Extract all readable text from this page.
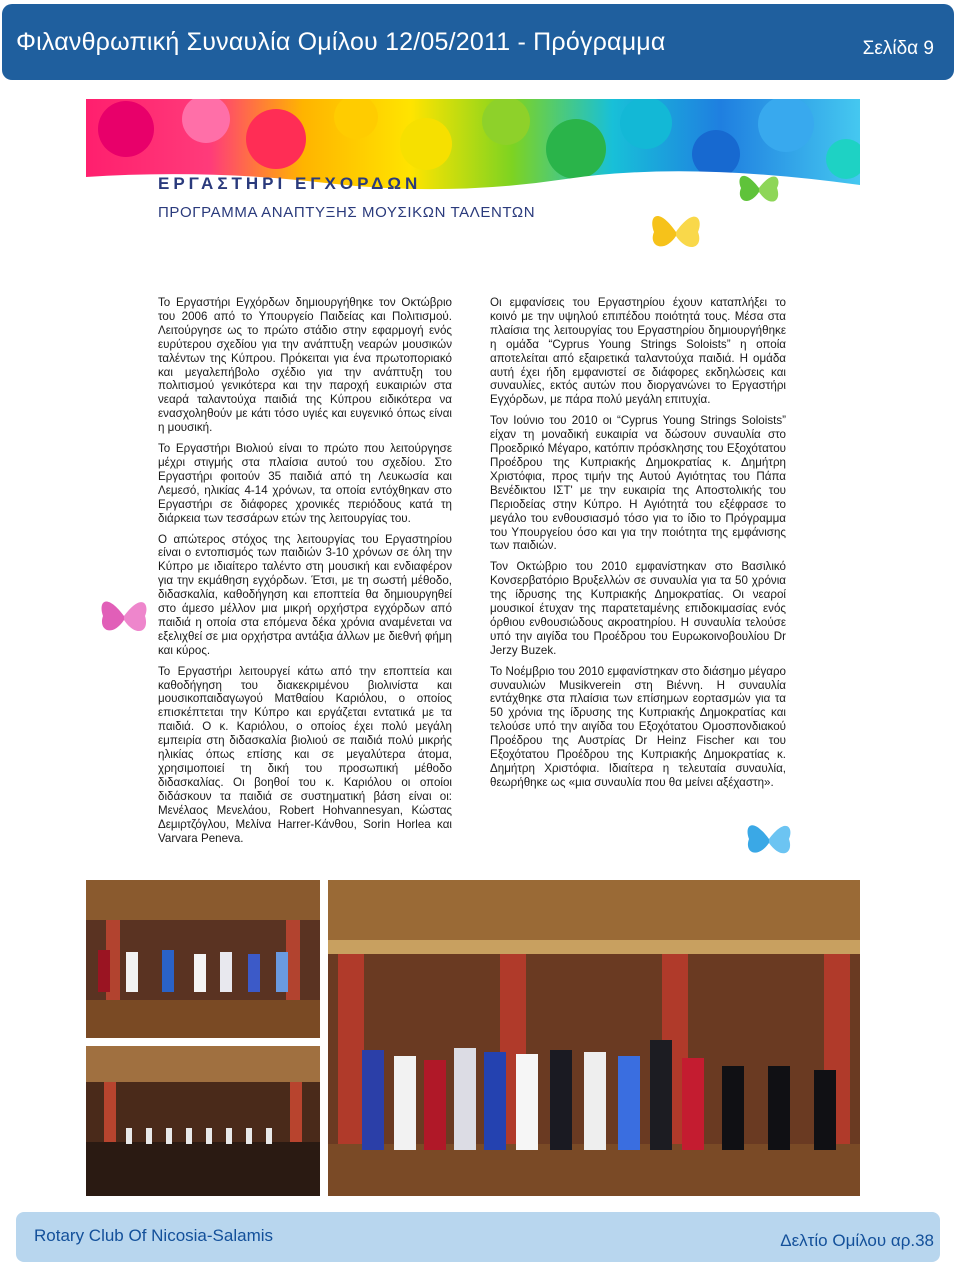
Φιλανθρωπική Συναυλία Ομίλου 12/05/2011 - Πρόγραμμα	Σελίδα 9
ΕΡΓΑΣΤΗΡΙ ΕΓΧΟΡΔΩΝ
ΠΡΟΓΡΑΜΜΑ ΑΝΑΠΤΥΞΗΣ ΜΟΥΣΙΚΩΝ ΤΑΛΕΝΤΩΝ

Το Εργαστήρι Εγχόρδων δημιουργήθηκε τον Οκτώβριο του 2006 από το Υπουργείο Παιδείας και Πολιτισμού. Λειτούργησε ως το πρώτο στάδιο στην εφαρμογή ενός ευρύτερου σχεδίου για την ανάπτυξη νεαρών μουσικών ταλέντων της Κύπρου. Πρόκειται για ένα πρωτοποριακό και μεγαλεπήβολο σχέδιο για την ανάπτυξη του πολιτισμού γενικότερα και την παροχή ευκαιριών στα νεαρά ταλαντούχα παιδιά της Κύπρου ειδικότερα να ενασχοληθούν με κάτι τόσο υγιές και ευγενικό όπως είναι η μουσική.

Το Εργαστήρι Βιολιού είναι το πρώτο που λειτούργησε μέχρι στιγμής στα πλαίσια αυτού του σχεδίου. Στο Εργαστήρι φοιτούν 35 παιδιά από τη Λευκωσία και Λεμεσό, ηλικίας 4-14 χρόνων, τα οποία εντόχθηκαν στο Εργαστήρι σε διάφορες χρονικές περιόδους κατά τη διάρκεια των τεσσάρων ετών της λειτουργίας του.

Ο απώτερος στόχος της λειτουργίας του Εργαστηρίου είναι ο εντοπισμός των παιδιών 3-10 χρόνων σε όλη την Κύπρο με ιδιαίτερο ταλέντο στη μουσική και ενδιαφέρον για την εκμάθηση εγχόρδων. Έτσι, με τη σωστή μέθοδο, διδασκαλία, καθοδήγηση και εποπτεία θα δημιουργηθεί στο άμεσο μέλλον μια μικρή ορχήστρα εγχόρδων από παιδιά η οποία στα επόμενα δέκα χρόνια αναμένεται να εξελιχθεί σε μια ορχήστρα αντάξια άλλων με διεθνή φήμη και κύρος.

Το Εργαστήρι λειτουργεί κάτω από την εποπτεία και καθοδήγηση του διακεκριμένου βιολινίστα και μουσικοπαιδαγωγού Ματθαίου Καριόλου, ο οποίος επισκέπτεται την Κύπρο και εργάζεται εντατικά με τα παιδιά. Ο κ. Καριόλου, ο οποίος έχει πολύ μεγάλη εμπειρία στη διδασκαλία βιολιού σε παιδιά πολύ μικρής ηλικίας όπως επίσης και σε μεγαλύτερα άτομα, χρησιμοποιεί τη δική του προσωπική μέθοδο διδασκαλίας. Οι βοηθοί του κ. Καριόλου οι οποίοι διδάσκουν τα παιδιά σε συστηματική βάση είναι οι: Μενέλαος Μενελάου, Robert Hohvannesyan, Κώστας Δεμιρτζόγλου, Μελίνα Harrer-Κάνθου, Sorin Horlea και Varvara Peneva.

Οι εμφανίσεις του Εργαστηρίου έχουν καταπλήξει το κοινό με την υψηλού επιπέδου ποιότητά τους. Μέσα στα πλαίσια της λειτουργίας του Εργαστηρίου δημιουργήθηκε η ομάδα “Cyprus Young Strings Soloists” η οποία αποτελείται από εξαιρετικά ταλαντούχα παιδιά. Η ομάδα αυτή έχει ήδη εμφανιστεί σε διάφορες εκδηλώσεις και συναυλίες, εκτός αυτών που διοργανώνει το Εργαστήρι Εγχόρδων, με πάρα πολύ μεγάλη επιτυχία.

Τον Ιούνιο του 2010 οι “Cyprus Young Strings Soloists” είχαν τη μοναδική ευκαιρία να δώσουν συναυλία στο Προεδρικό Μέγαρο, κατόπιν πρόσκλησης του Εξοχότατου Προέδρου της Κυπριακής Δημοκρατίας κ. Δημήτρη Χριστόφια, προς τιμήν της Αυτού Αγιότητας του Πάπα Βενέδικτου ΙΣΤ' με την ευκαιρία της Αποστολικής του Περιοδείας στην Κύπρο. Η Αγιότητά του εξέφρασε το μεγάλο του ενθουσιασμό τόσο για το ίδιο το Πρόγραμμα του Υπουργείου όσο και για την ποιότητα της εμφάνισης των παιδιών.

Τον Οκτώβριο του 2010 εμφανίστηκαν στο Βασιλικό Κονσερβατόριο Βρυξελλών σε συναυλία για τα 50 χρόνια της ίδρυσης της Κυπριακής Δημοκρατίας. Οι νεαροί μουσικοί έτυχαν της παρατεταμένης επιδοκιμασίας ενός όρθιου ενθουσιώδους ακροατηρίου. Η συναυλία τελούσε υπό την αιγίδα του Προέδρου του Ευρωκοινοβουλίου Dr Jerzy Buzek.

Το Νοέμβριο του 2010 εμφανίστηκαν στο διάσημο μέγαρο συναυλιών Musikverein στη Βιέννη. Η συναυλία εντάχθηκε στα πλαίσια των επίσημων εορτασμών για τα 50 χρόνια της ίδρυσης της Κυπριακής Δημοκρατίας και τελούσε υπό την αιγίδα του Εξοχότατου Ομοσπονδιακού Προέδρου της Αυστρίας Dr Heinz Fischer και του Εξοχότατου Προέδρου της Κυπριακής Δημοκρατίας κ. Δημήτρη Χριστόφια. Ιδιαίτερα η τελευταία συναυλία, θεωρήθηκε ως «μια συναυλία που θα μείνει αξέχαστη».

Rotary Club Of Nicosia-Salamis	Δελτίο Ομίλου αρ.38
